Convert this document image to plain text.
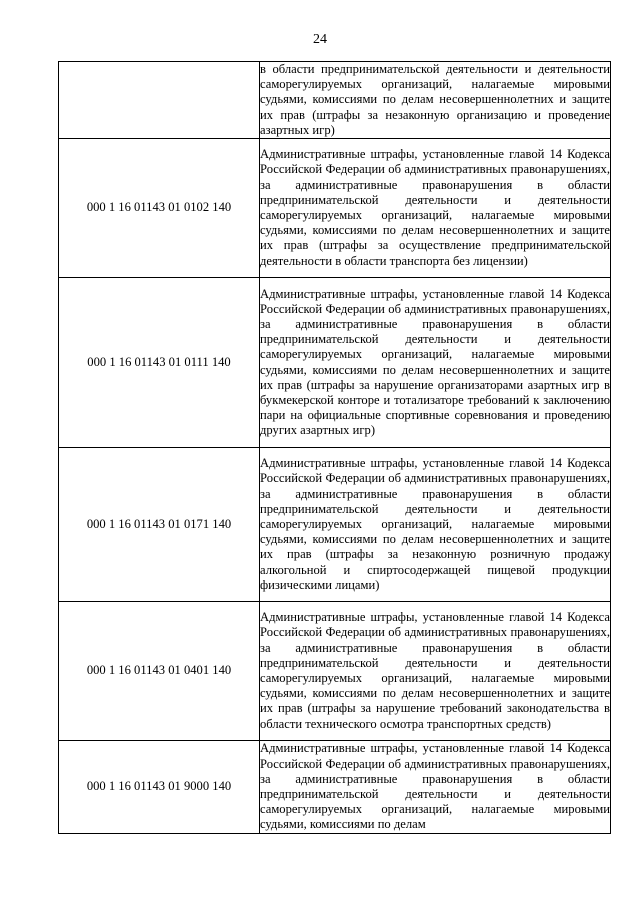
24

	в области предпринимательской деятельности и деятельности саморегулируемых организаций, налагаемые мировыми судьями, комиссиями по делам несовершеннолетних и защите их прав (штрафы за незаконную организацию и проведение азартных игр)

000 1 16 01143 01 0102 140	Административные штрафы, установленные главой 14 Кодекса Российской Федерации об административных правонарушениях, за административные правонарушения в области предпринимательской деятельности и деятельности саморегулируемых организаций, налагаемые мировыми судьями, комиссиями по делам несовершеннолетних и защите их прав (штрафы за осуществление предпринимательской деятельности в области транспорта без лицензии)

000 1 16 01143 01 0111 140	Административные штрафы, установленные главой 14 Кодекса Российской Федерации об административных правонарушениях, за административные правонарушения в области предпринимательской деятельности и деятельности саморегулируемых организаций, налагаемые мировыми судьями, комиссиями по делам несовершеннолетних и защите их прав (штрафы за нарушение организаторами азартных игр в букмекерской конторе и тотализаторе требований к заключению пари на официальные спортивные соревнования и проведению других азартных игр)

000 1 16 01143 01 0171 140	Административные штрафы, установленные главой 14 Кодекса Российской Федерации об административных правонарушениях, за административные правонарушения в области предпринимательской деятельности и деятельности саморегулируемых организаций, налагаемые мировыми судьями, комиссиями по делам несовершеннолетних и защите их прав (штрафы за незаконную розничную продажу алкогольной и спиртосодержащей пищевой продукции физическими лицами)

000 1 16 01143 01 0401 140	Административные штрафы, установленные главой 14 Кодекса Российской Федерации об административных правонарушениях, за административные правонарушения в области предпринимательской деятельности и деятельности саморегулируемых организаций, налагаемые мировыми судьями, комиссиями по делам несовершеннолетних и защите их прав (штрафы за нарушение требований законодательства в области технического осмотра транспортных средств)

000 1 16 01143 01 9000 140	Административные штрафы, установленные главой 14 Кодекса Российской Федерации об административных правонарушениях, за административные правонарушения в области предпринимательской деятельности и деятельности саморегулируемых организаций, налагаемые мировыми судьями, комиссиями по делам
